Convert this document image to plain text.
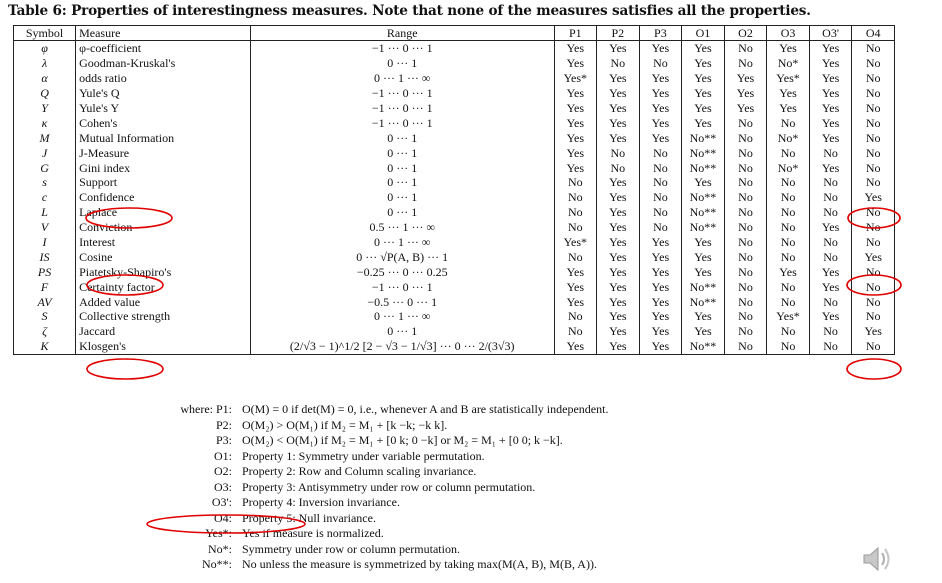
Table 6: Properties of interestingness measures. Note that none of the measures satisfies all the properties.
Symbol	Measure	Range	P1	P2	P3	O1	O2	O3	O3'	O4
φ	φ-coefficient	−1 ··· 0 ··· 1	Yes	Yes	Yes	Yes	No	Yes	Yes	No
λ	Goodman-Kruskal's	0 ··· 1	Yes	No	No	Yes	No	No*	Yes	No
α	odds ratio	0 ··· 1 ··· ∞	Yes*	Yes	Yes	Yes	Yes	Yes*	Yes	No
Q	Yule's Q	−1 ··· 0 ··· 1	Yes	Yes	Yes	Yes	Yes	Yes	Yes	No
Y	Yule's Y	−1 ··· 0 ··· 1	Yes	Yes	Yes	Yes	Yes	Yes	Yes	No
κ	Cohen's	−1 ··· 0 ··· 1	Yes	Yes	Yes	Yes	No	No	Yes	No
M	Mutual Information	0 ··· 1	Yes	Yes	Yes	No**	No	No*	Yes	No
J	J-Measure	0 ··· 1	Yes	No	No	No**	No	No	No	No
G	Gini index	0 ··· 1	Yes	No	No	No**	No	No*	Yes	No
s	Support	0 ··· 1	No	Yes	No	Yes	No	No	No	No
c	Confidence	0 ··· 1	No	Yes	No	No**	No	No	No	Yes
L	Laplace	0 ··· 1	No	Yes	No	No**	No	No	No	No
V	Conviction	0.5 ··· 1 ··· ∞	No	Yes	No	No**	No	No	Yes	No
I	Interest	0 ··· 1 ··· ∞	Yes*	Yes	Yes	Yes	No	No	No	No
IS	Cosine	0 ··· √P(A, B) ··· 1	No	Yes	Yes	Yes	No	No	No	Yes
PS	Piatetsky-Shapiro's	−0.25 ··· 0 ··· 0.25	Yes	Yes	Yes	Yes	No	Yes	Yes	No
F	Certainty factor	−1 ··· 0 ··· 1	Yes	Yes	Yes	No**	No	No	Yes	No
AV	Added value	−0.5 ··· 0 ··· 1	Yes	Yes	Yes	No**	No	No	No	No
S	Collective strength	0 ··· 1 ··· ∞	No	Yes	Yes	Yes	No	Yes*	Yes	No
ζ	Jaccard	0 ··· 1	No	Yes	Yes	Yes	No	No	No	Yes
K	Klosgen's	(2/√3 − 1)^1/2 [2 − √3 − 1/√3] ··· 0 ··· 2/(3√3)	Yes	Yes	Yes	No**	No	No	No	No
where: P1: O(M) = 0 if det(M) = 0, i.e., whenever A and B are statistically independent.
P2: O(M₂) > O(M₁) if M₂ = M₁ + [k −k; −k k].
P3: O(M₂) < O(M₁) if M₂ = M₁ + [0 k; 0 −k] or M₂ = M₁ + [0 0; k −k].
O1: Property 1: Symmetry under variable permutation.
O2: Property 2: Row and Column scaling invariance.
O3: Property 3: Antisymmetry under row or column permutation.
O3': Property 4: Inversion invariance.
O4: Property 5: Null invariance.
Yes*: Yes if measure is normalized.
No*: Symmetry under row or column permutation.
No**: No unless the measure is symmetrized by taking max(M(A, B), M(B, A)).
